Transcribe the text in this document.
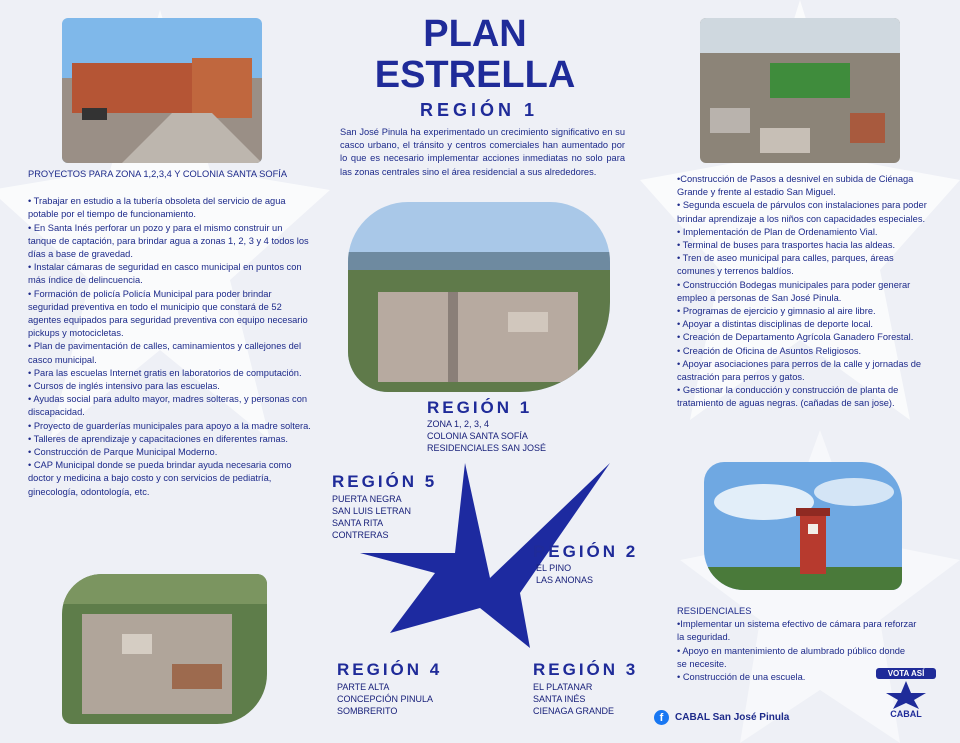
PLAN
ESTRELLA
REGIÓN 1
San José Pinula ha experimentado un crecimiento significativo en su casco urbano, el tránsito y centros comerciales han aumentado por lo que es necesario implementar acciones inmediatas no solo para las zonas centrales sino el área residencial a sus alrededores.

PROYECTOS PARA ZONA 1,2,3,4 Y COLONIA SANTA SOFÍA

• Trabajar en estudio a la tubería obsoleta del servicio de agua potable por el tiempo de funcionamiento.

• En Santa Inés perforar un pozo y para el mismo construir un tanque de captación, para brindar agua a zonas 1, 2, 3 y 4 todos los días a base de gravedad.

• Instalar cámaras de seguridad en casco municipal en puntos con más índice de delincuencia.

• Formación de policía Policía Municipal para poder brindar seguridad preventiva en todo el municipio que constará de 52 agentes equipados para seguridad preventiva con equipo necesario pickups y motocicletas.

• Plan de pavimentación de calles, caminamientos y callejones del casco municipal.

• Para las escuelas Internet gratis en laboratorios de computación.

• Cursos de inglés intensivo para las escuelas.

• Ayudas social para adulto mayor, madres solteras, y personas con discapacidad.

• Proyecto de guarderías municipales para apoyo a la madre soltera.

• Talleres de aprendizaje y capacitaciones en diferentes ramas.

• Construcción de Parque Municipal Moderno.

• CAP Municipal donde se pueda brindar ayuda necesaria como doctor y medicina a bajo costo y con servicios de pediatría, ginecología, odontología, etc.

•Construcción de Pasos a desnivel en subida de Ciénaga Grande y frente al estadio San Miguel.

• Segunda escuela de párvulos con instalaciones para poder brindar aprendizaje a los niños con capacidades especiales.

• Implementación de Plan de Ordenamiento Vial.

• Terminal de buses para trasportes hacia las aldeas.

• Tren de aseo municipal para calles, parques, áreas comunes y terrenos baldíos.

• Construcción Bodegas municipales para poder generar empleo a personas de San José Pinula.

• Programas de ejercicio y gimnasio al aire libre.

• Apoyar a distintas disciplinas de deporte local.

• Creación de Departamento Agrícola Ganadero Forestal.

• Creación de Oficina de Asuntos Religiosos.

• Apoyar asociaciones para perros de la calle y jornadas de castración para perros y gatos.

• Gestionar la conducción y construcción de planta de tratamiento de aguas negras. (cañadas de san jose).

RESIDENCIALES

•Implementar un sistema efectivo de cámara para reforzar la seguridad.

• Apoyo en mantenimiento de alumbrado público donde se necesite.

• Construcción de una escuela.

REGIÓN 1
ZONA 1, 2, 3, 4
COLONIA SANTA SOFÍA
RESIDENCIALES SAN JOSÉ
REGIÓN 5
PUERTA NEGRA
SAN LUIS LETRAN
SANTA RITA
CONTRERAS
REGIÓN 2
EL PINO
LAS ANONAS
REGIÓN 4
PARTE ALTA
CONCEPCIÓN PINULA
SOMBRERITO
REGIÓN 3
EL PLATANAR
SANTA INÉS
CIENAGA GRANDE
f	CABAL San José Pinula
VOTA ASÍ
CABAL
